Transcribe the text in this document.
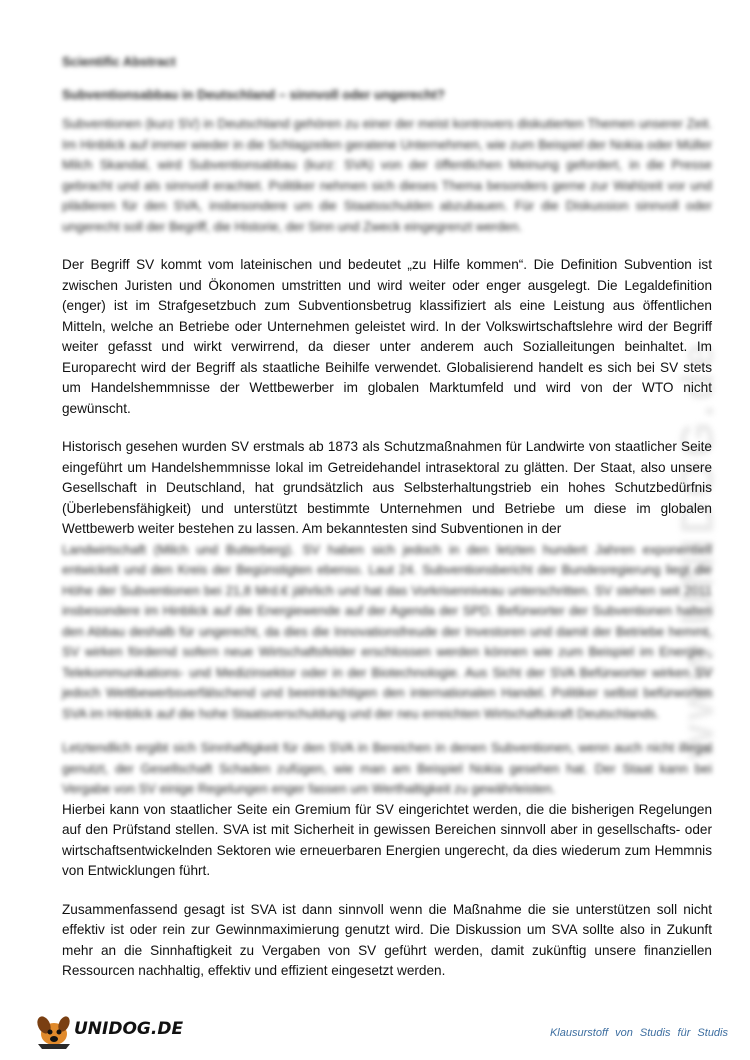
www.UNIDOG.de
Scientific Abstract
Subventionsabbau in Deutschland – sinnvoll oder ungerecht?

Subventionen (kurz SV) in Deutschland gehören zu einer der meist kontrovers diskutierten Themen unserer Zeit. Im Hinblick auf immer wieder in die Schlagzeilen geratene Unternehmen, wie zum Beispiel der Nokia oder Müller Milch Skandal, wird Subventionsabbau (kurz: SVA) von der öffentlichen Meinung gefordert, in die Presse gebracht und als sinnvoll erachtet. Politiker nehmen sich dieses Thema besonders gerne zur Wahlzeit vor und plädieren für den SVA, insbesondere um die Staatsschulden abzubauen. Für die Diskussion sinnvoll oder ungerecht soll der Begriff, die Historie, der Sinn und Zweck eingegrenzt werden.

Der Begriff SV kommt vom lateinischen und bedeutet „zu Hilfe kommen“. Die Definition Subvention ist zwischen Juristen und Ökonomen umstritten und wird weiter oder enger ausgelegt. Die Legaldefinition (enger) ist im Strafgesetzbuch zum Subventionsbetrug klassifiziert als eine Leistung aus öffentlichen Mitteln, welche an Betriebe oder Unternehmen geleistet wird. In der Volkswirtschaftslehre wird der Begriff weiter gefasst und wirkt verwirrend, da dieser unter anderem auch Sozialleitungen beinhaltet. Im Europarecht wird der Begriff als staatliche Beihilfe verwendet. Globalisierend handelt es sich bei SV stets um Handelshemmnisse der Wettbewerber im globalen Marktumfeld und wird von der WTO nicht gewünscht.

Historisch gesehen wurden SV erstmals ab 1873 als Schutzmaßnahmen für Landwirte von staatlicher Seite eingeführt um Handelshemmnisse lokal im Getreidehandel intrasektoral zu glätten. Der Staat, also unsere Gesellschaft in Deutschland, hat grundsätzlich aus Selbsterhaltungstrieb ein hohes Schutzbedürfnis (Überlebensfähigkeit) und unterstützt bestimmte Unternehmen und Betriebe um diese im globalen Wettbewerb weiter bestehen zu lassen. Am bekanntesten sind Subventionen in der

Landwirtschaft (Milch und Butterberg). SV haben sich jedoch in den letzten hundert Jahren exponentiell entwickelt und den Kreis der Begünstigten ebenso. Laut 24. Subventionsbericht der Bundesregierung liegt die Höhe der Subventionen bei 21,8 Mrd.€ jährlich und hat das Vorkrisenniveau unterschritten. SV stehen seit 2011 insbesondere im Hinblick auf die Energiewende auf der Agenda der SPD. Befürworter der Subventionen halten den Abbau deshalb für ungerecht, da dies die Innovationsfreude der Investoren und damit der Betriebe hemmt. SV wirken fördernd sofern neue Wirtschaftsfelder erschlossen werden können wie zum Beispiel im Energie-, Telekommunikations- und Medizinsektor oder in der Biotechnologie. Aus Sicht der SVA Befürworter wirken SV jedoch Wettbewerbsverfälschend und beeinträchtigen den internationalen Handel. Politiker selbst befürworten SVA im Hinblick auf die hohe Staatsverschuldung und der neu erreichten Wirtschaftskraft Deutschlands.

Letztendlich ergibt sich Sinnhaftigkeit für den SVA in Bereichen in denen Subventionen, wenn auch nicht illegal genutzt, der Gesellschaft Schaden zufügen, wie man am Beispiel Nokia gesehen hat. Der Staat kann bei Vergabe von SV einige Regelungen enger fassen um Werthaltigkeit zu gewährleisten.

Hierbei kann von staatlicher Seite ein Gremium für SV eingerichtet werden, die die bisherigen Regelungen auf den Prüfstand stellen. SVA ist mit Sicherheit in gewissen Bereichen sinnvoll aber in gesellschafts- oder wirtschaftsentwickelnden Sektoren wie erneuerbaren Energien ungerecht, da dies wiederum zum Hemmnis von Entwicklungen führt.

Zusammenfassend gesagt ist SVA ist dann sinnvoll wenn die Maßnahme die sie unterstützen soll nicht effektiv ist oder rein zur Gewinnmaximierung genutzt wird. Die Diskussion um SVA sollte also in Zukunft mehr an die Sinnhaftigkeit zu Vergaben von SV geführt werden, damit zukünftig unsere finanziellen Ressourcen nachhaltig, effektiv und effizient eingesetzt werden.

UNIDOG.DE	Klausurstoff von Studis für Studis
